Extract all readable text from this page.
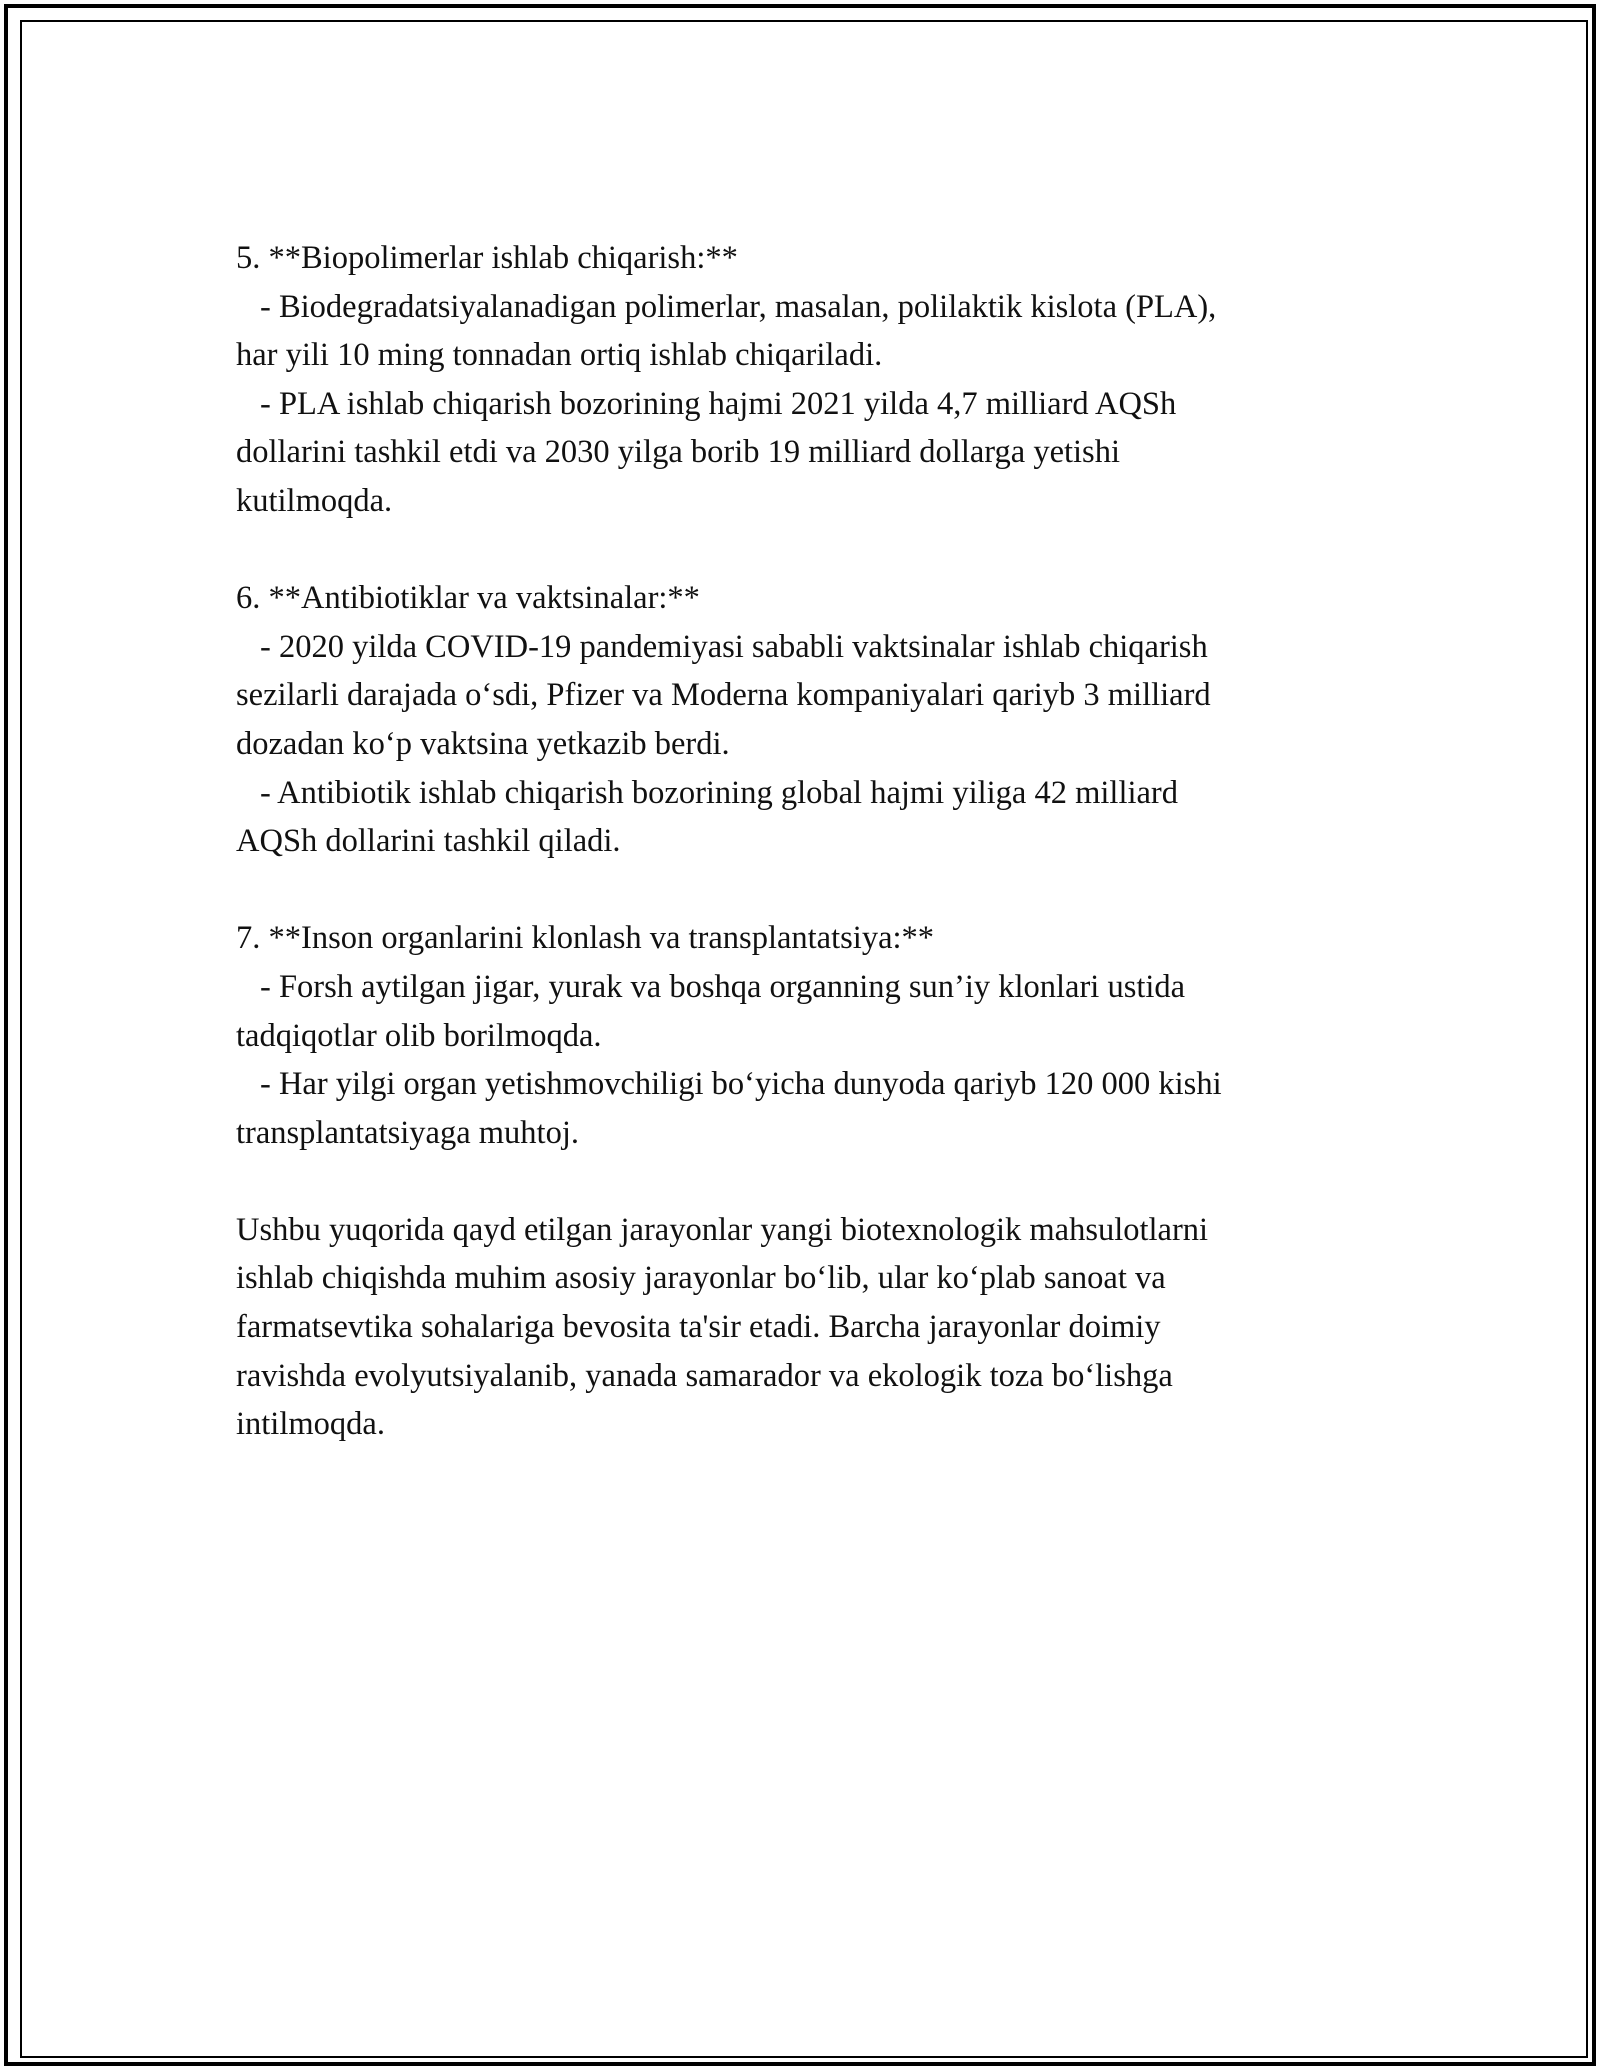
5. **Biopolimerlar ishlab chiqarish:**
- Biodegradatsiyalanadigan polimerlar, masalan, polilaktik kislota (PLA),
har yili 10 ming tonnadan ortiq ishlab chiqariladi.
- PLA ishlab chiqarish bozorining hajmi 2021 yilda 4,7 milliard AQSh
dollarini tashkil etdi va 2030 yilga borib 19 milliard dollarga yetishi
kutilmoqda.
6. **Antibiotiklar va vaktsinalar:**
- 2020 yilda COVID-19 pandemiyasi sababli vaktsinalar ishlab chiqarish
sezilarli darajada o‘sdi, Pfizer va Moderna kompaniyalari qariyb 3 milliard
dozadan ko‘p vaktsina yetkazib berdi.
- Antibiotik ishlab chiqarish bozorining global hajmi yiliga 42 milliard
AQSh dollarini tashkil qiladi.
7. **Inson organlarini klonlash va transplantatsiya:**
- Forsh aytilgan jigar, yurak va boshqa organning sun’iy klonlari ustida
tadqiqotlar olib borilmoqda.
- Har yilgi organ yetishmovchiligi bo‘yicha dunyoda qariyb 120 000 kishi
transplantatsiyaga muhtoj.
Ushbu yuqorida qayd etilgan jarayonlar yangi biotexnologik mahsulotlarni
ishlab chiqishda muhim asosiy jarayonlar bo‘lib, ular ko‘plab sanoat va
farmatsevtika sohalariga bevosita ta'sir etadi. Barcha jarayonlar doimiy
ravishda evolyutsiyalanib, yanada samarador va ekologik toza bo‘lishga
intilmoqda.
